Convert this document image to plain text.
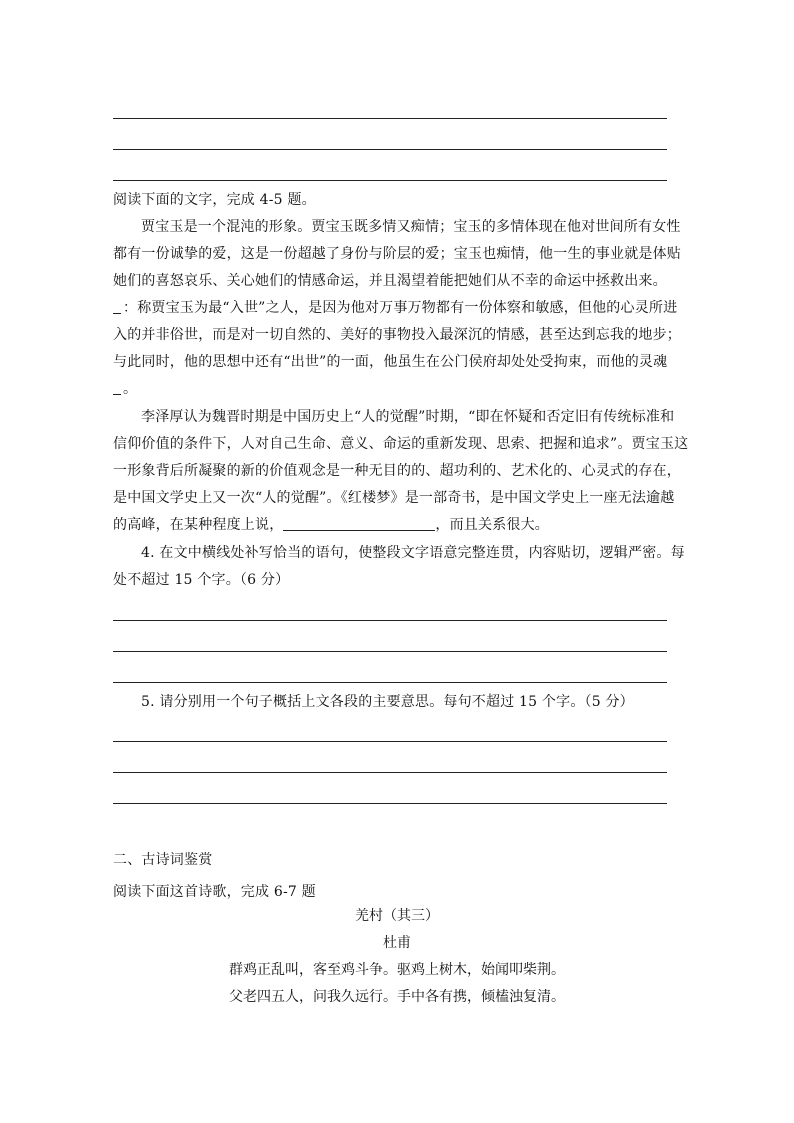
阅读下面的文字，完成 4-5 题。
贾宝玉是一个混沌的形象。贾宝玉既多情又痴情；宝玉的多情体现在他对世间所有女性
都有一份诚挚的爱，这是一份超越了身份与阶层的爱；宝玉也痴情，他一生的事业就是体贴
她们的喜怒哀乐、关心她们的情感命运，并且渴望着能把她们从不幸的命运中拯救出来。
：称贾宝玉为最“入世”之人，是因为他对万事万物都有一份体察和敏感，但他的心灵所进
入的并非俗世，而是对一切自然的、美好的事物投入最深沉的情感，甚至达到忘我的地步；
与此同时，他的思想中还有“出世”的一面，他虽生在公门侯府却处处受拘束，而他的灵魂
。
李泽厚认为魏晋时期是中国历史上“人的觉醒”时期，“即在怀疑和否定旧有传统标准和
信仰价值的条件下，人对自己生命、意义、命运的重新发现、思索、把握和追求”。贾宝玉这
一形象背后所凝聚的新的价值观念是一种无目的的、超功利的、艺术化的、心灵式的存在，
是中国文学史上又一次“人的觉醒”。《红楼梦》是一部奇书，是中国文学史上一座无法逾越
的高峰，在某种程度上说，	，而且关系很大。
4. 在文中横线处补写恰当的语句，使整段文字语意完整连贯，内容贴切，逻辑严密。每
处不超过 15 个字。（6 分）
5. 请分别用一个句子概括上文各段的主要意思。每句不超过 15 个字。（5 分）
二、古诗词鉴赏
阅读下面这首诗歌，完成 6-7 题
羌村（其三）
杜甫
群鸡正乱叫，客至鸡斗争。驱鸡上树木，始闻叩柴荆。
父老四五人，问我久远行。手中各有携，倾榼浊复清。
